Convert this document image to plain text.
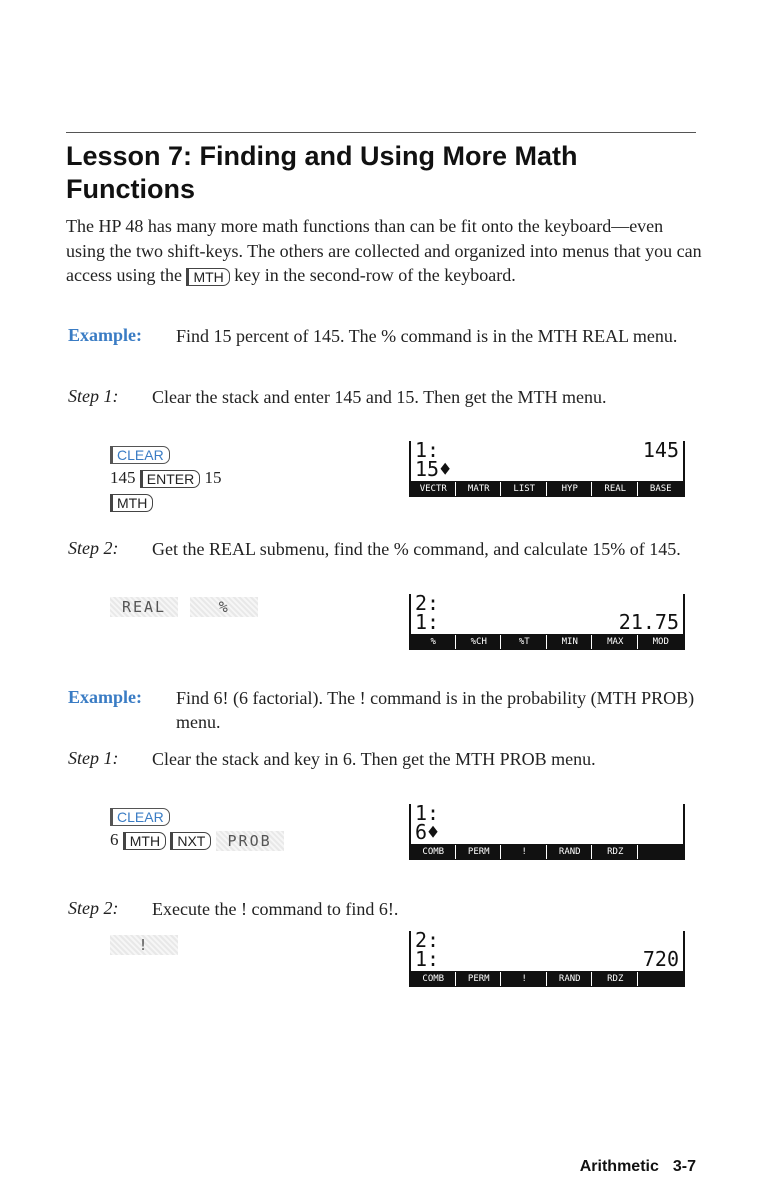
Lesson 7: Finding and Using More Math Functions

The HP 48 has many more math functions than can be fit onto the keyboard—even using the two shift-keys. The others are collected and organized into menus that you can access using the MTH key in the second-row of the keyboard.

Example: Find 15 percent of 145. The % command is in the MTH REAL menu.

Step 1: Clear the stack and enter 145 and 15. Then get the MTH menu.

CLEAR
145 ENTER 15
MTH
1:	145
15♦
VECTR	MATR	LIST	HYP	REAL	BASE
Step 2: Get the REAL submenu, find the % command, and calculate 15% of 145.

REAL	%	2:
1:	21.75
%	%CH	%T	MIN	MAX	MOD
Example: Find 6! (6 factorial). The ! command is in the probability (MTH PROB) menu.

Step 1: Clear the stack and key in 6. Then get the MTH PROB menu.

CLEAR
6 MTH NXT PROB
1:
6♦
COMB	PERM	!	RAND	RDZ
Step 2: Execute the ! command to find 6!.

!	2:
1:	720
COMB	PERM	!	RAND	RDZ
Arithmetic 3-7
